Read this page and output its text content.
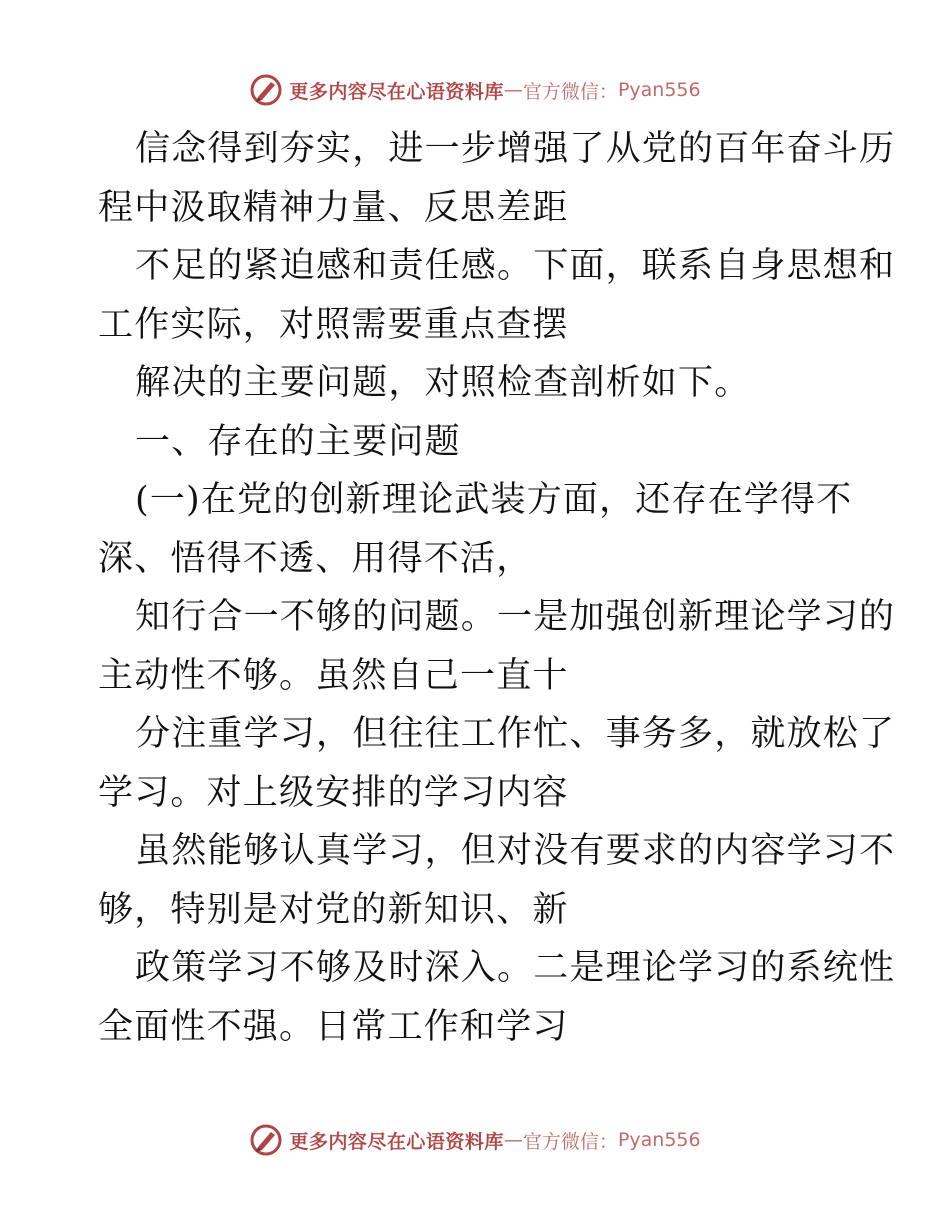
更多内容尽在心语资料库 — 官方微信： Pyan556
信念得到夯实，进一步增强了从党的百年奋斗历
程中汲取精神力量、反思差距
不足的紧迫感和责任感。下面，联系自身思想和
工作实际，对照需要重点查摆
解决的主要问题，对照检查剖析如下。
一、存在的主要问题
(一)在党的创新理论武装方面，还存在学得不
深、悟得不透、用得不活，
知行合一不够的问题。一是加强创新理论学习的
主动性不够。虽然自己一直十
分注重学习，但往往工作忙、事务多，就放松了
学习。对上级安排的学习内容
虽然能够认真学习，但对没有要求的内容学习不
够，特别是对党的新知识、新
政策学习不够及时深入。二是理论学习的系统性
全面性不强。日常工作和学习
更多内容尽在心语资料库 — 官方微信： Pyan556
